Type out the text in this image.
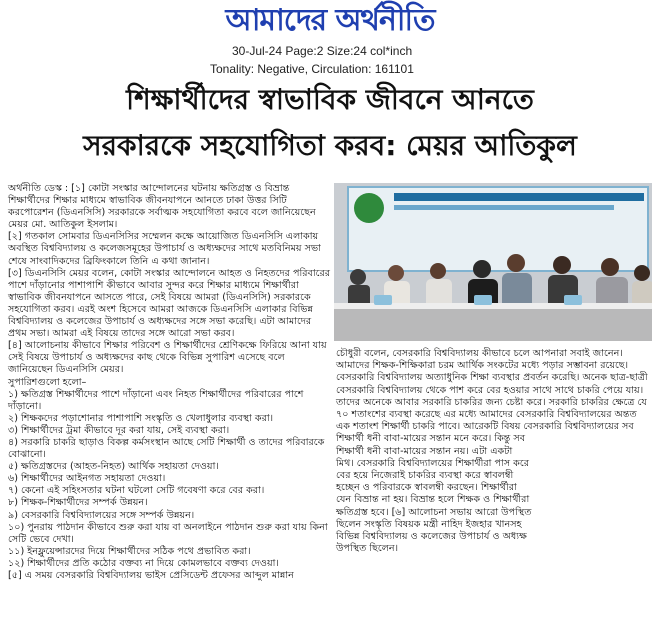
আমাদের অর্থনীতি
30-Jul-24 Page:2 Size:24 col*inch
Tonality: Negative, Circulation: 161101
শিক্ষার্থীদের স্বাভাবিক জীবনে আনতে
সরকারকে সহযোগিতা করব: মেয়র আতিকুল

অর্থনীতি ডেস্ক : [১] কোটা সংস্কার আন্দোলনের ঘটনায় ক্ষতিগ্রস্ত ও বিভ্রান্ত শিক্ষার্থীদের শিক্ষার মাধ্যমে স্বাভাবিক জীবনযাপনে আনতে ঢাকা উত্তর সিটি করপোরেশন (ডিএনসিসি) সরকারকে সর্বাত্মক সহযোগিতা করবে বলে জানিয়েছেন মেয়র মো. আতিকুল ইসলাম।

[২] গতকাল সোমবার ডিএনসিসির সম্মেলন কক্ষে আয়োজিত ডিএনসিসি এলাকায় অবস্থিত বিশ্ববিদ্যালয় ও কলেজসমূহের উপাচার্য ও অধ্যক্ষদের সাথে মতবিনিময় সভা শেষে সাংবাদিকদের ব্রিফিংকালে তিনি এ কথা জানান।

[৩] ডিএনসিসি মেয়র বলেন, কোটা সংস্কার আন্দোলনে আহত ও নিহতদের পরিবারের পাশে দাঁড়ানোর পাশাপাশি কীভাবে আবার সুন্দর করে শিক্ষার মাধ্যমে শিক্ষার্থীরা স্বাভাবিক জীবনযাপনে আসতে পারে, সেই বিষয়ে আমরা (ডিএনসিসি) সরকারকে সহযোগিতা করব। এরই অংশ হিসেবে আমরা আজকে ডিএনসিসি এলাকার বিভিন্ন বিশ্ববিদ্যালয় ও কলেজের উপাচার্য ও অধ্যক্ষদের সঙ্গে সভা করেছি। এটা আমাদের প্রথম সভা। আমরা এই বিষয়ে তাদের সঙ্গে আরো সভা করব।

[৪] আলোচনায় কীভাবে শিক্ষার পরিবেশ ও শিক্ষার্থীদের শ্রেণিকক্ষে ফিরিয়ে আনা যায় সেই বিষয়ে উপাচার্য ও অধ্যক্ষদের কাছ থেকে বিভিন্ন সুপারিশ এসেছে বলে জানিয়েছেন ডিএনসিসি মেয়র।

সুপারিশগুলো হলো–

১) ক্ষতিগ্রস্ত শিক্ষার্থীদের পাশে দাঁড়ানো এবং নিহত শিক্ষার্থীদের পরিবারের পাশে দাঁড়ানো।
২) শিক্ষকদের পড়াশোনার পাশাপাশি সংস্কৃতি ও খেলাধুলার ব্যবস্থা করা।
৩) শিক্ষার্থীদের ট্রমা কীভাবে দূর করা যায়, সেই ব্যবস্থা করা।
৪) সরকারি চাকরি ছাড়াও বিকল্প কর্মসংস্থান আছে সেটি শিক্ষার্থী ও তাদের পরিবারকে বোঝানো।
৫) ক্ষতিগ্রস্তদের (আহত-নিহত) আর্থিক সহায়তা দেওয়া।
৬) শিক্ষার্থীদের আইনগত সহায়তা দেওয়া।
৭) কেনো এই সহিংসতার ঘটনা ঘটলো সেটি গবেষণা করে বের করা।
৮) শিক্ষক-শিক্ষার্থীদের সম্পর্ক উন্নয়ন।
৯) বেসরকারি বিশ্ববিদ্যালয়ের সঙ্গে সম্পর্ক উন্নয়ন।
১০) পুনরায় পাঠদান কীভাবে শুরু করা যায় বা অনলাইনে পাঠদান শুরু করা যায় কিনা সেটি ভেবে দেখা।
১১) ইনফ্লুয়েন্সারদের দিয়ে শিক্ষার্থীদের সঠিক পথে প্রভাবিত করা।
১২) শিক্ষার্থীদের প্রতি কঠোর বক্তব্য না দিয়ে কোমলভাবে বক্তব্য দেওয়া।
[৫] এ সময় বেসরকারি বিশ্ববিদ্যালয় ভাইস প্রেসিডেন্ট প্রফেসর আব্দুল মান্নান

চৌধুরী বলেন, বেসরকারি বিশ্ববিদ্যালয় কীভাবে চলে আপনারা সবাই জানেন। আমাদের শিক্ষক-শিক্ষিকারা চরম আর্থিক সংকটের মধ্যে পড়ার সম্ভাবনা রয়েছে। বেসরকারি বিশ্ববিদ্যালয় অত্যাধুনিক শিক্ষা ব্যবস্থার প্রবর্তন করেছি। অনেক ছাত্র-ছাত্রী বেসরকারি বিশ্ববিদ্যালয় থেকে পাশ করে বের হওয়ার সাথে সাথে চাকরি পেয়ে যায়। তাদের অনেকে আবার সরকারি চাকরির জন্য চেষ্টা করে। সরকারি চাকরির ক্ষেত্রে যে ৭০ শতাংশের ব্যবস্থা করেছে এর মধ্যে আমাদের বেসরকারি বিশ্ববিদ্যালয়ের অন্তত এক শতাংশ শিক্ষার্থী চাকরি পাবে। আরেকটি বিষয় বেসরকারি বিশ্ববিদ্যালয়ের সব শিক্ষার্থী ধনী বাবা-মায়ের সন্তান মনে করে। কিন্তু সব

শিক্ষার্থী ধনী বাবা-মায়ের সন্তান নয়। এটা একটা মিথ। বেসরকারি বিশ্ববিদ্যালয়ের শিক্ষার্থীরা পাস করে বের হয়ে নিজেরাই চাকরির ব্যবস্থা করে স্বাবলম্বী হচ্ছেন ও পরিবারকে স্বাবলম্বী করছেন। শিক্ষার্থীরা যেন বিভ্রান্ত না হয়। বিভ্রান্ত হলে শিক্ষক ও শিক্ষার্থীরা ক্ষতিগ্রস্ত হবে। [৬] আলোচনা সভায় আরো উপস্থিত ছিলেন সংস্কৃতি বিষয়ক মন্ত্রী নাহিদ ইজহার খানসহ বিভিন্ন বিশ্ববিদ্যালয় ও কলেজের উপাচার্য ও অধ্যক্ষ উপস্থিত ছিলেন।
